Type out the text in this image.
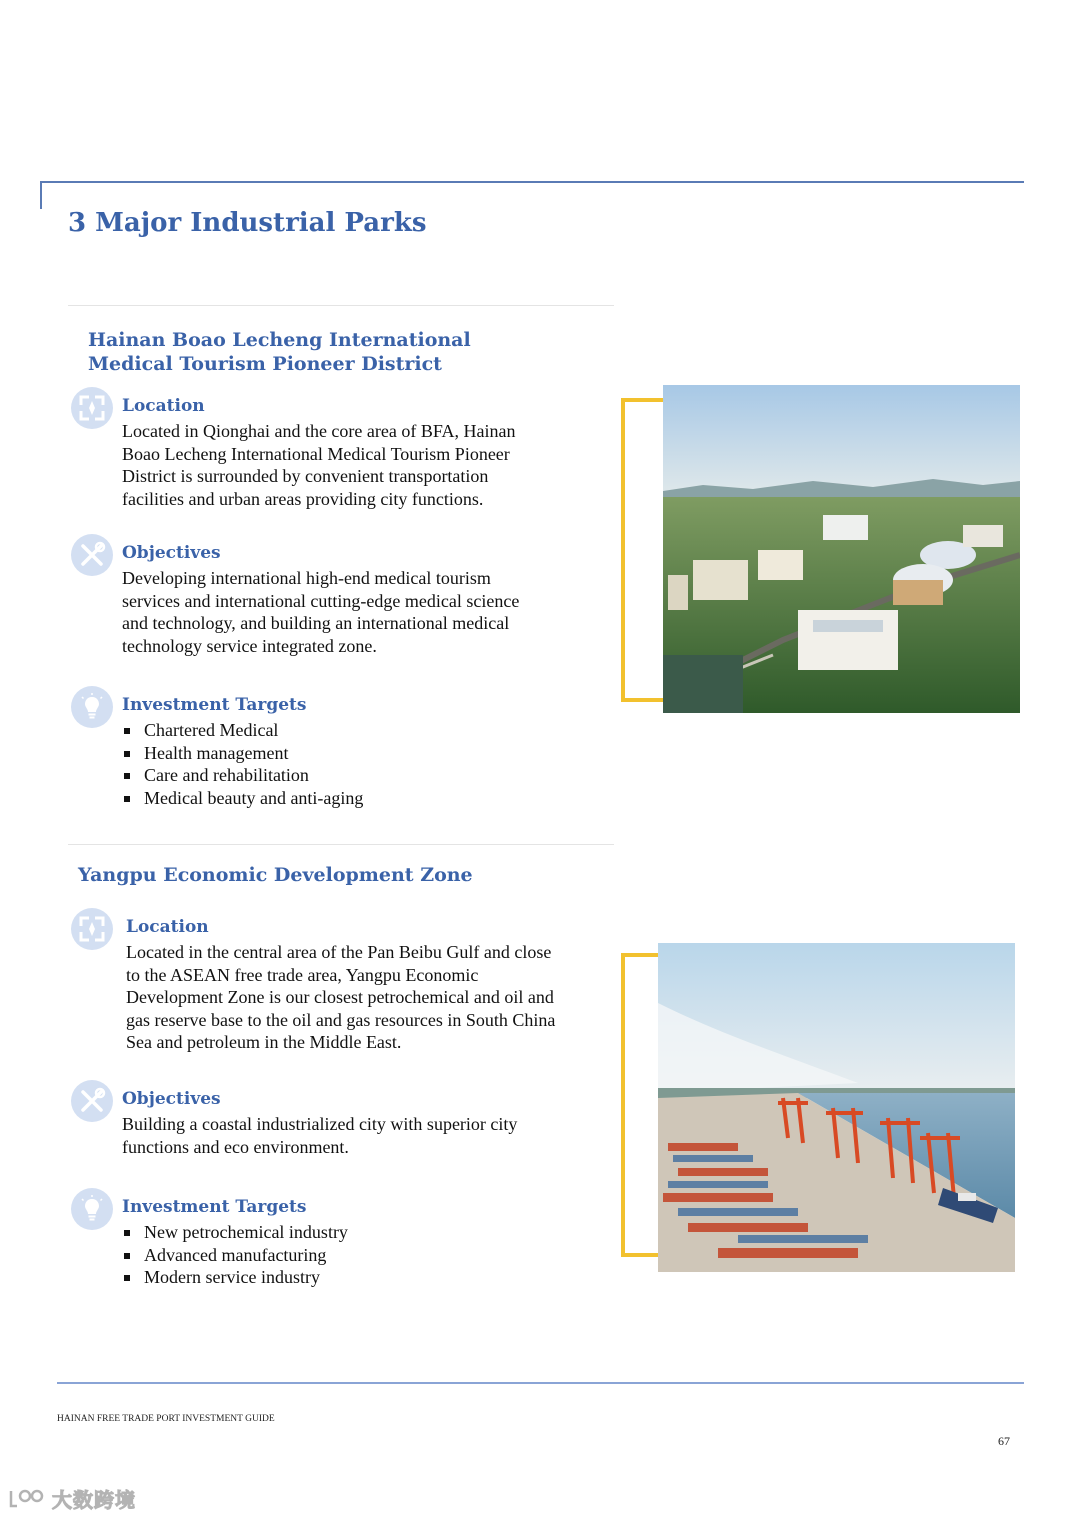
3 Major Industrial Parks
Hainan Boao Lecheng International
Medical Tourism Pioneer District
Location
Located in Qionghai and the core area of BFA, Hainan
Boao Lecheng International Medical Tourism Pioneer
District is surrounded by convenient transportation
facilities and urban areas providing city functions.
Objectives
Developing international high-end medical tourism
services and international cutting-edge medical science
and technology, and building an international medical
technology service integrated zone.
Investment Targets
Chartered Medical
Health management
Care and rehabilitation
Medical beauty and anti-aging
Yangpu Economic Development Zone
Location
Located in the central area of the Pan Beibu Gulf and close
to the ASEAN free trade area, Yangpu Economic
Development Zone is our closest petrochemical and oil and
gas reserve base to the oil and gas resources in South China
Sea and petroleum in the Middle East.
Objectives
Building a coastal industrialized city with superior city
functions and eco environment.
Investment Targets
New petrochemical industry
Advanced manufacturing
Modern service industry
HAINAN FREE TRADE PORT INVESTMENT GUIDE
67
大数跨境
